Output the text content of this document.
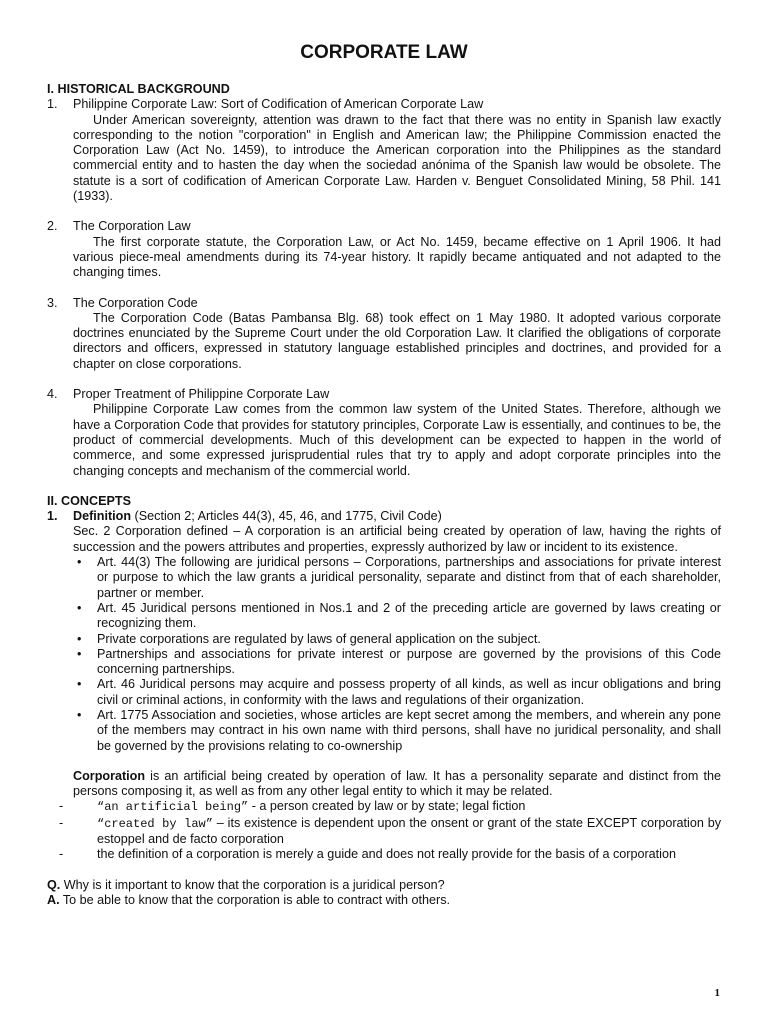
CORPORATE LAW
I. HISTORICAL BACKGROUND
1. Philippine Corporate Law: Sort of Codification of American Corporate Law
Under American sovereignty, attention was drawn to the fact that there was no entity in Spanish law exactly corresponding to the notion "corporation" in English and American law; the Philippine Commission enacted the Corporation Law (Act No. 1459), to introduce the American corporation into the Philippines as the standard commercial entity and to hasten the day when the sociedad anónima of the Spanish law would be obsolete. The statute is a sort of codification of American Corporate Law. Harden v. Benguet Consolidated Mining, 58 Phil. 141 (1933).
2. The Corporation Law
The first corporate statute, the Corporation Law, or Act No. 1459, became effective on 1 April 1906. It had various piece-meal amendments during its 74-year history. It rapidly became antiquated and not adapted to the changing times.
3. The Corporation Code
The Corporation Code (Batas Pambansa Blg. 68) took effect on 1 May 1980. It adopted various corporate doctrines enunciated by the Supreme Court under the old Corporation Law. It clarified the obligations of corporate directors and officers, expressed in statutory language established principles and doctrines, and provided for a chapter on close corporations.
4. Proper Treatment of Philippine Corporate Law
Philippine Corporate Law comes from the common law system of the United States. Therefore, although we have a Corporation Code that provides for statutory principles, Corporate Law is essentially, and continues to be, the product of commercial developments. Much of this development can be expected to happen in the world of commerce, and some expressed jurisprudential rules that try to apply and adopt corporate principles into the changing concepts and mechanism of the commercial world.
II. CONCEPTS
1. Definition (Section 2; Articles 44(3), 45, 46, and 1775, Civil Code)
Sec. 2 Corporation defined – A corporation is an artificial being created by operation of law, having the rights of succession and the powers attributes and properties, expressly authorized by law or incident to its existence.
• Art. 44(3) The following are juridical persons – Corporations, partnerships and associations for private interest or purpose to which the law grants a juridical personality, separate and distinct from that of each shareholder, partner or member.
• Art. 45 Juridical persons mentioned in Nos.1 and 2 of the preceding article are governed by laws creating or recognizing them.
• Private corporations are regulated by laws of general application on the subject.
• Partnerships and associations for private interest or purpose are governed by the provisions of this Code concerning partnerships.
• Art. 46 Juridical persons may acquire and possess property of all kinds, as well as incur obligations and bring civil or criminal actions, in conformity with the laws and regulations of their organization.
• Art. 1775 Association and societies, whose articles are kept secret among the members, and wherein any pone of the members may contract in his own name with third persons, shall have no juridical personality, and shall be governed by the provisions relating to co-ownership
Corporation is an artificial being created by operation of law. It has a personality separate and distinct from the persons composing it, as well as from any other legal entity to which it may be related.
-	“an artificial being” - a person created by law or by state; legal fiction
-	“created by law” – its existence is dependent upon the onsent or grant of the state EXCEPT corporation by estoppel and de facto corporation
-	the definition of a corporation is merely a guide and does not really provide for the basis of a corporation
Q. Why is it important to know that the corporation is a juridical person?
A. To be able to know that the corporation is able to contract with others.
1
